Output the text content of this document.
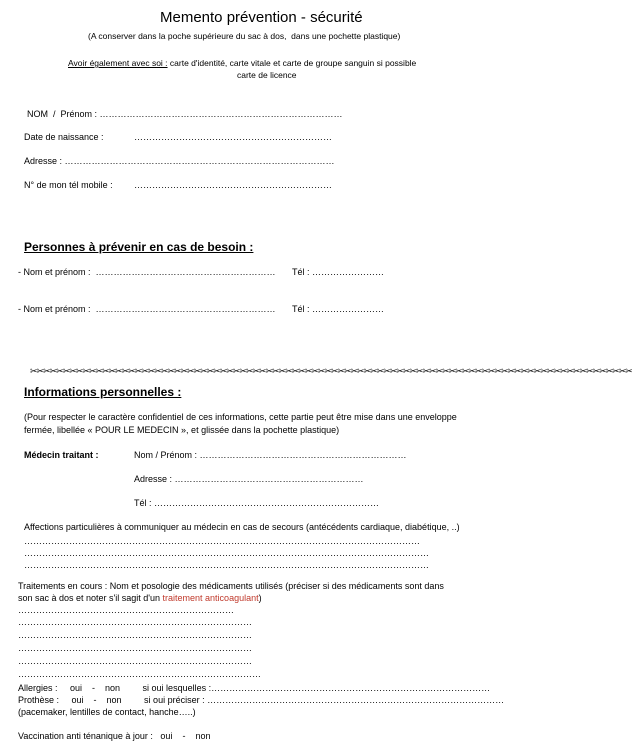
Memento prévention - sécurité
(A conserver dans la poche supérieure du sac à dos,  dans une pochette plastique)
Avoir également avec soi : carte d'identité, carte vitale et carte de groupe sanguin si possible
carte de licence
NOM  /  Prénom : ………………………………………………………………………
Date de naissance :	…………………………………………………………
Adresse : ………………………………………………………………………………
N° de mon tél mobile : …………………………………………………………
Personnes à prévenir en cas de besoin :
- Nom et prénom :  …………………………………………………… Tél : ……………………
- Nom et prénom :  …………………………………………………… Tél : ……………………
✂✂✂✂✂✂✂✂✂✂✂✂✂✂✂✂✂✂✂✂✂✂✂✂✂✂✂✂✂✂✂✂✂✂✂✂✂✂✂✂✂✂✂✂✂✂✂✂✂✂✂✂✂✂✂✂✂✂✂✂✂✂✂✂✂✂✂✂✂✂✂✂✂✂✂✂✂✂✂✂✂✂✂✂✂✂✂✂✂✂✂✂
Informations personnelles :
(Pour respecter le caractère confidentiel de ces informations, cette partie peut être mise dans une enveloppe
fermée, libellée « POUR LE MEDECIN », et glissée dans la pochette plastique)
Médecin traitant :	Nom / Prénom : ……………………………………………………………
Adresse : ………………………………………………………
Tél : …………………………………………………………………
Affections particulières à communiquer au médecin en cas de secours (antécédents cardiaque, diabétique, ..)
……………………………………………………………………………………………………………………
………………………………………………………………………………………………………………………
………………………………………………………………………………………………………………………
Traitements en cours : Nom et posologie des médicaments utilisés (préciser si des médicaments sont dans
son sac à dos et noter s'il sagit d'un traitement anticoagulant)
………………………………………………………………
……………………………………………………………………
……………………………………………………………………
……………………………………………………………………
……………………………………………………………………
………………………………………………………………………
Allergies :     oui    -    non         si oui lesquelles :…………………………………………………………………………………
Prothèse :     oui    -    non         si oui préciser : ………………………………………………………………………………………
(pacemaker, lentilles de contact, hanche…..)
Vaccination anti ténanique à jour :   oui    -    non
